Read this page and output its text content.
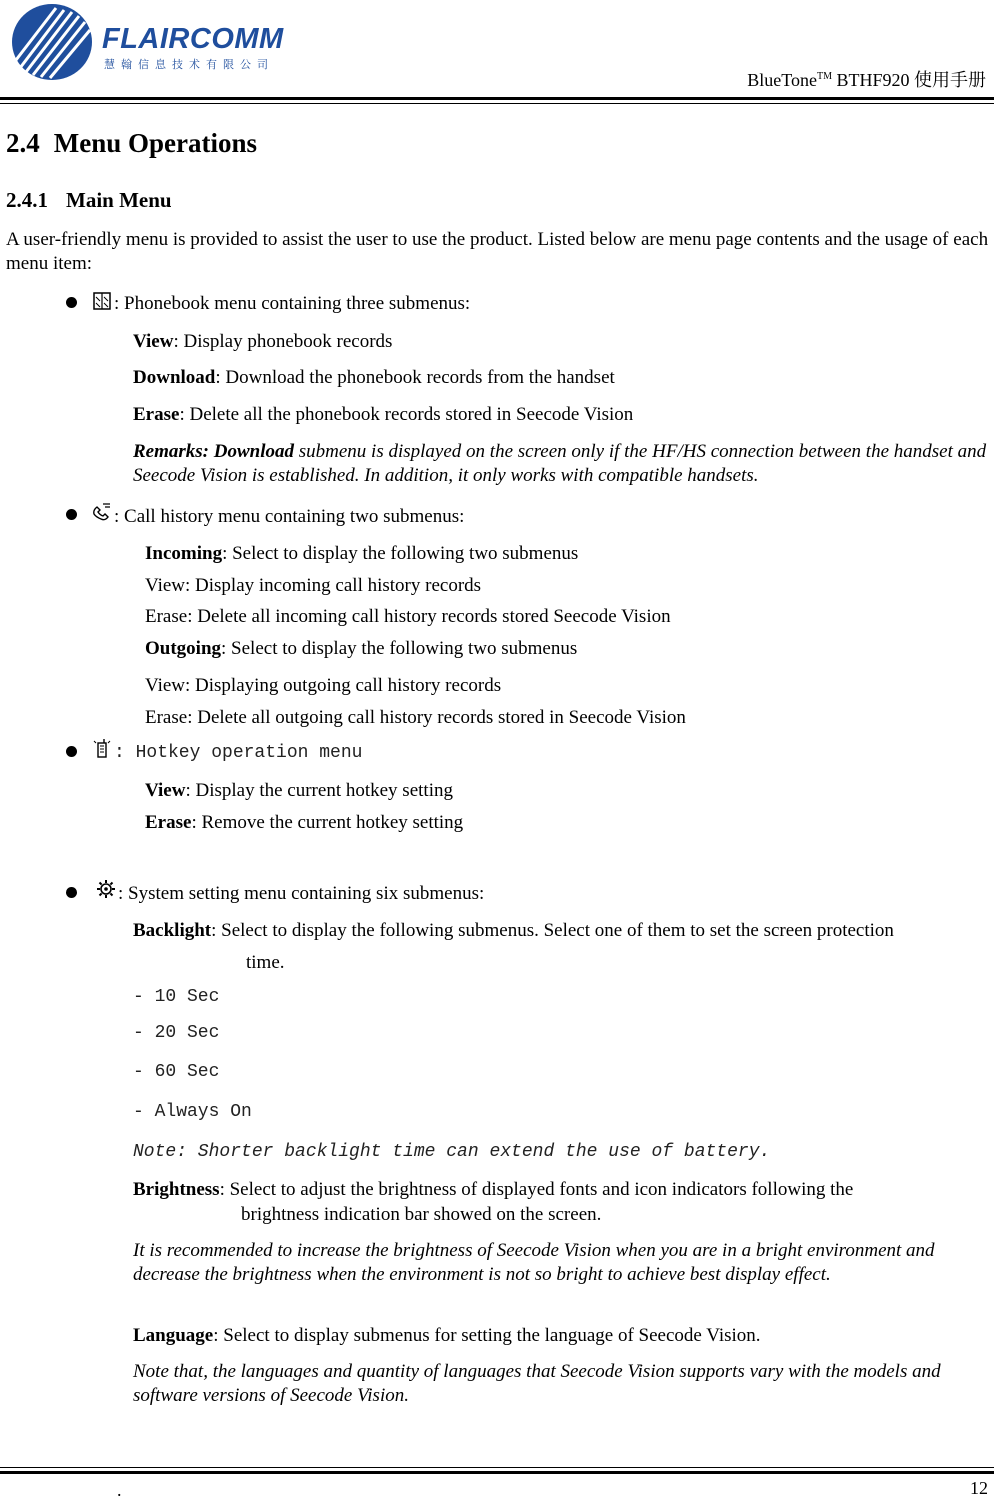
FLAIRCOMM
慧翰信息技术有限公司
BlueTone™ BTHF920 使用手册
2.4 Menu Operations
2.4.1 Main Menu
A user-friendly menu is provided to assist the user to use the product. Listed below are menu page contents and the usage of each menu item:
: Phonebook menu containing three submenus:
View: Display phonebook records
Download: Download the phonebook records from the handset
Erase: Delete all the phonebook records stored in Seecode Vision
Remarks: Download submenu is displayed on the screen only if the HF/HS connection between the handset and Seecode Vision is established. In addition, it only works with compatible handsets.
: Call history menu containing two submenus:
Incoming: Select to display the following two submenus
View: Display incoming call history records
Erase: Delete all incoming call history records stored Seecode Vision
Outgoing: Select to display the following two submenus
View: Displaying outgoing call history records
Erase: Delete all outgoing call history records stored in Seecode Vision
: Hotkey operation menu
View: Display the current hotkey setting
Erase: Remove the current hotkey setting
: System setting menu containing six submenus:
Backlight: Select to display the following submenus. Select one of them to set the screen protection
time.
- 10 Sec
- 20 Sec
- 60 Sec
- Always On
Note: Shorter backlight time can extend the use of battery.
Brightness: Select to adjust the brightness of displayed fonts and icon indicators following the
brightness indication bar showed on the screen.
It is recommended to increase the brightness of Seecode Vision when you are in a bright environment and decrease the brightness when the environment is not so bright to achieve best display effect.
Language: Select to display submenus for setting the language of Seecode Vision.
Note that, the languages and quantity of languages that Seecode Vision supports vary with the models and software versions of Seecode Vision.
.	12
